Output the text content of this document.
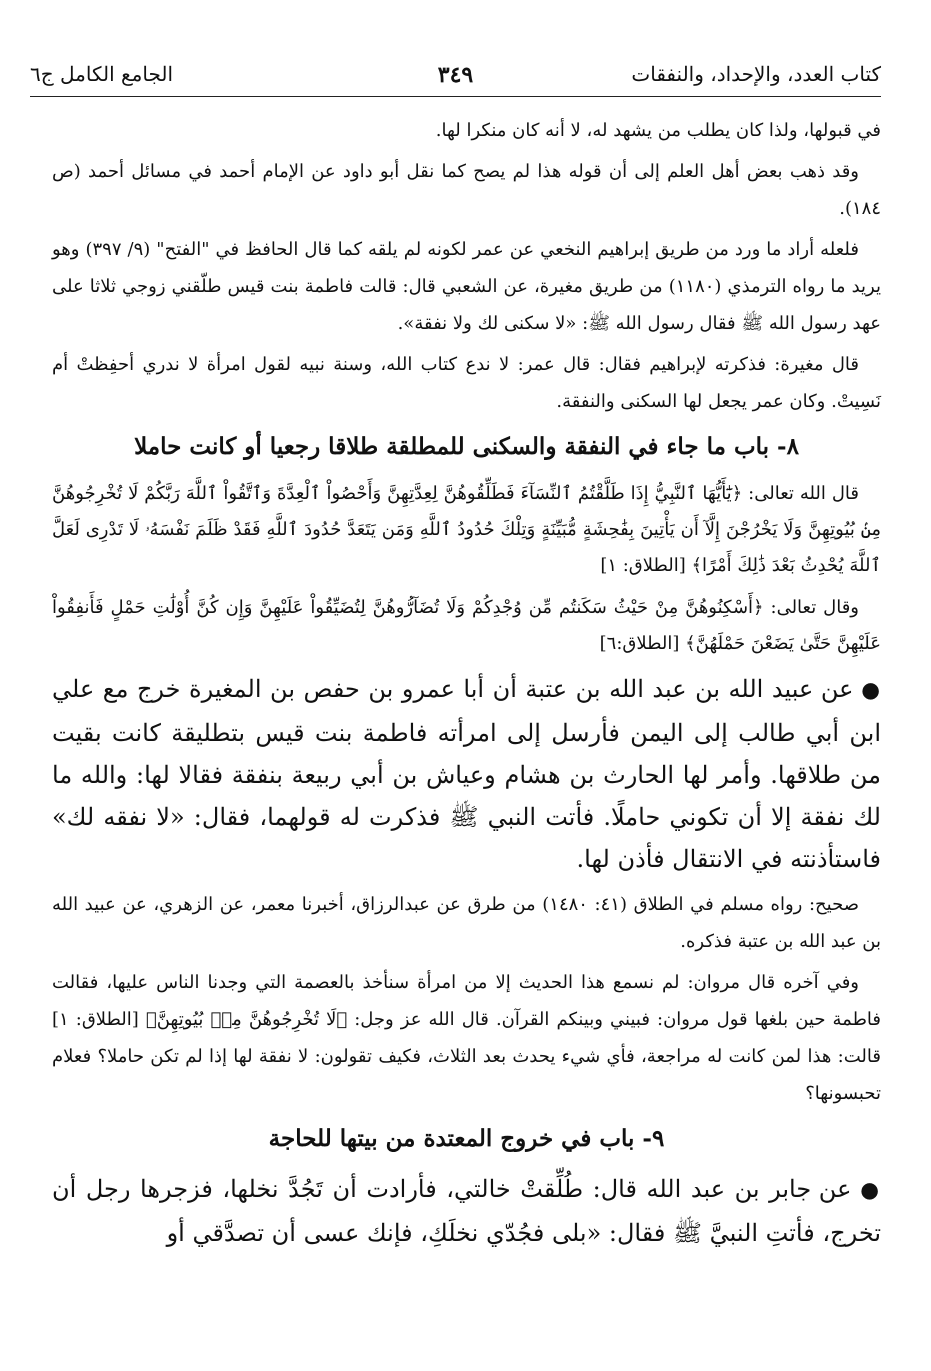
كتاب العدد، والإحداد، والنفقات
٣٤٩
الجامع الكامل ج٦

في قبولها، ولذا كان يطلب من يشهد له، لا أنه كان منكرا لها.

وقد ذهب بعض أهل العلم إلى أن قوله هذا لم يصح كما نقل أبو داود عن الإمام أحمد في مسائل أحمد (ص ١٨٤).

فلعله أراد ما ورد من طريق إبراهيم النخعي عن عمر لكونه لم يلقه كما قال الحافظ في "الفتح" (٩/ ٣٩٧) وهو يريد ما رواه الترمذي (١١٨٠) من طريق مغيرة، عن الشعبي قال: قالت فاطمة بنت قيس طلّقني زوجي ثلاثا على عهد رسول الله ﷺ فقال رسول الله ﷺ: «لا سكنى لك ولا نفقة».

قال مغيرة: فذكرته لإبراهيم فقال: قال عمر: لا ندع كتاب الله، وسنة نبيه لقول امرأة لا ندري أحفِظتْ أم نَسِيتْ. وكان عمر يجعل لها السكنى والنفقة.

٨- باب ما جاء في النفقة والسكنى للمطلقة طلاقا رجعيا أو كانت حاملا

قال الله تعالى: ﴿يَٰٓأَيُّهَا ٱلنَّبِيُّ إِذَا طَلَّقْتُمُ ٱلنِّسَآءَ فَطَلِّقُوهُنَّ لِعِدَّتِهِنَّ وَأَحْصُواْ ٱلْعِدَّةَ وَٱتَّقُواْ ٱللَّهَ رَبَّكُمْ لَا تُخْرِجُوهُنَّ مِنۢ بُيُوتِهِنَّ وَلَا يَخْرُجْنَ إِلَّآ أَن يَأْتِينَ بِفَٰحِشَةٍ مُّبَيِّنَةٍ وَتِلْكَ حُدُودُ ٱللَّهِ وَمَن يَتَعَدَّ حُدُودَ ٱللَّهِ فَقَدْ ظَلَمَ نَفْسَهُۥ لَا تَدْرِى لَعَلَّ ٱللَّهَ يُحْدِثُ بَعْدَ ذَٰلِكَ أَمْرًا﴾ [الطلاق: ١]

وقال تعالى: ﴿أَسْكِنُوهُنَّ مِنْ حَيْثُ سَكَنتُم مِّن وُجْدِكُمْ وَلَا تُضَآرُّوهُنَّ لِتُضَيِّقُواْ عَلَيْهِنَّ وَإِن كُنَّ أُوْلَٰتِ حَمْلٍ فَأَنفِقُواْ عَلَيْهِنَّ حَتَّىٰ يَضَعْنَ حَمْلَهُنَّ﴾ [الطلاق:٦]

● عن عبيد الله بن عبد الله بن عتبة أن أبا عمرو بن حفص بن المغيرة خرج مع علي ابن أبي طالب إلى اليمن فأرسل إلى امرأته فاطمة بنت قيس بتطليقة كانت بقيت من طلاقها. وأمر لها الحارث بن هشام وعياش بن أبي ربيعة بنفقة فقالا لها: والله ما لك نفقة إلا أن تكوني حاملًا. فأتت النبي ﷺ فذكرت له قولهما، فقال: «لا نفقه لك» فاستأذنته في الانتقال فأذن لها.

صحيح: رواه مسلم في الطلاق (٤١: ١٤٨٠) من طرق عن عبدالرزاق، أخبرنا معمر، عن الزهري، عن عبيد الله بن عبد الله بن عتبة فذكره.

وفي آخره قال مروان: لم نسمع هذا الحديث إلا من امرأة سنأخذ بالعصمة التي وجدنا الناس عليها، فقالت فاطمة حين بلغها قول مروان: فبيني وبينكم القرآن. قال الله عز وجل: ﴿لَا تُخْرِجُوهُنَّ مِنۢ بُيُوتِهِنَّ﴾ [الطلاق: ١] قالت: هذا لمن كانت له مراجعة، فأي شيء يحدث بعد الثلاث، فكيف تقولون: لا نفقة لها إذا لم تكن حاملا؟ فعلام تحبسونها؟

٩- باب في خروج المعتدة من بيتها للحاجة

● عن جابر بن عبد الله قال: طُلِّقتْ خالتي، فأرادت أن تَجُدَّ نخلها، فزجرها رجل أن تخرج، فأتتِ النبيَّ ﷺ فقال: «بلى فجُدّي نخلَكِ، فإنك عسى أن تصدَّقي أو
